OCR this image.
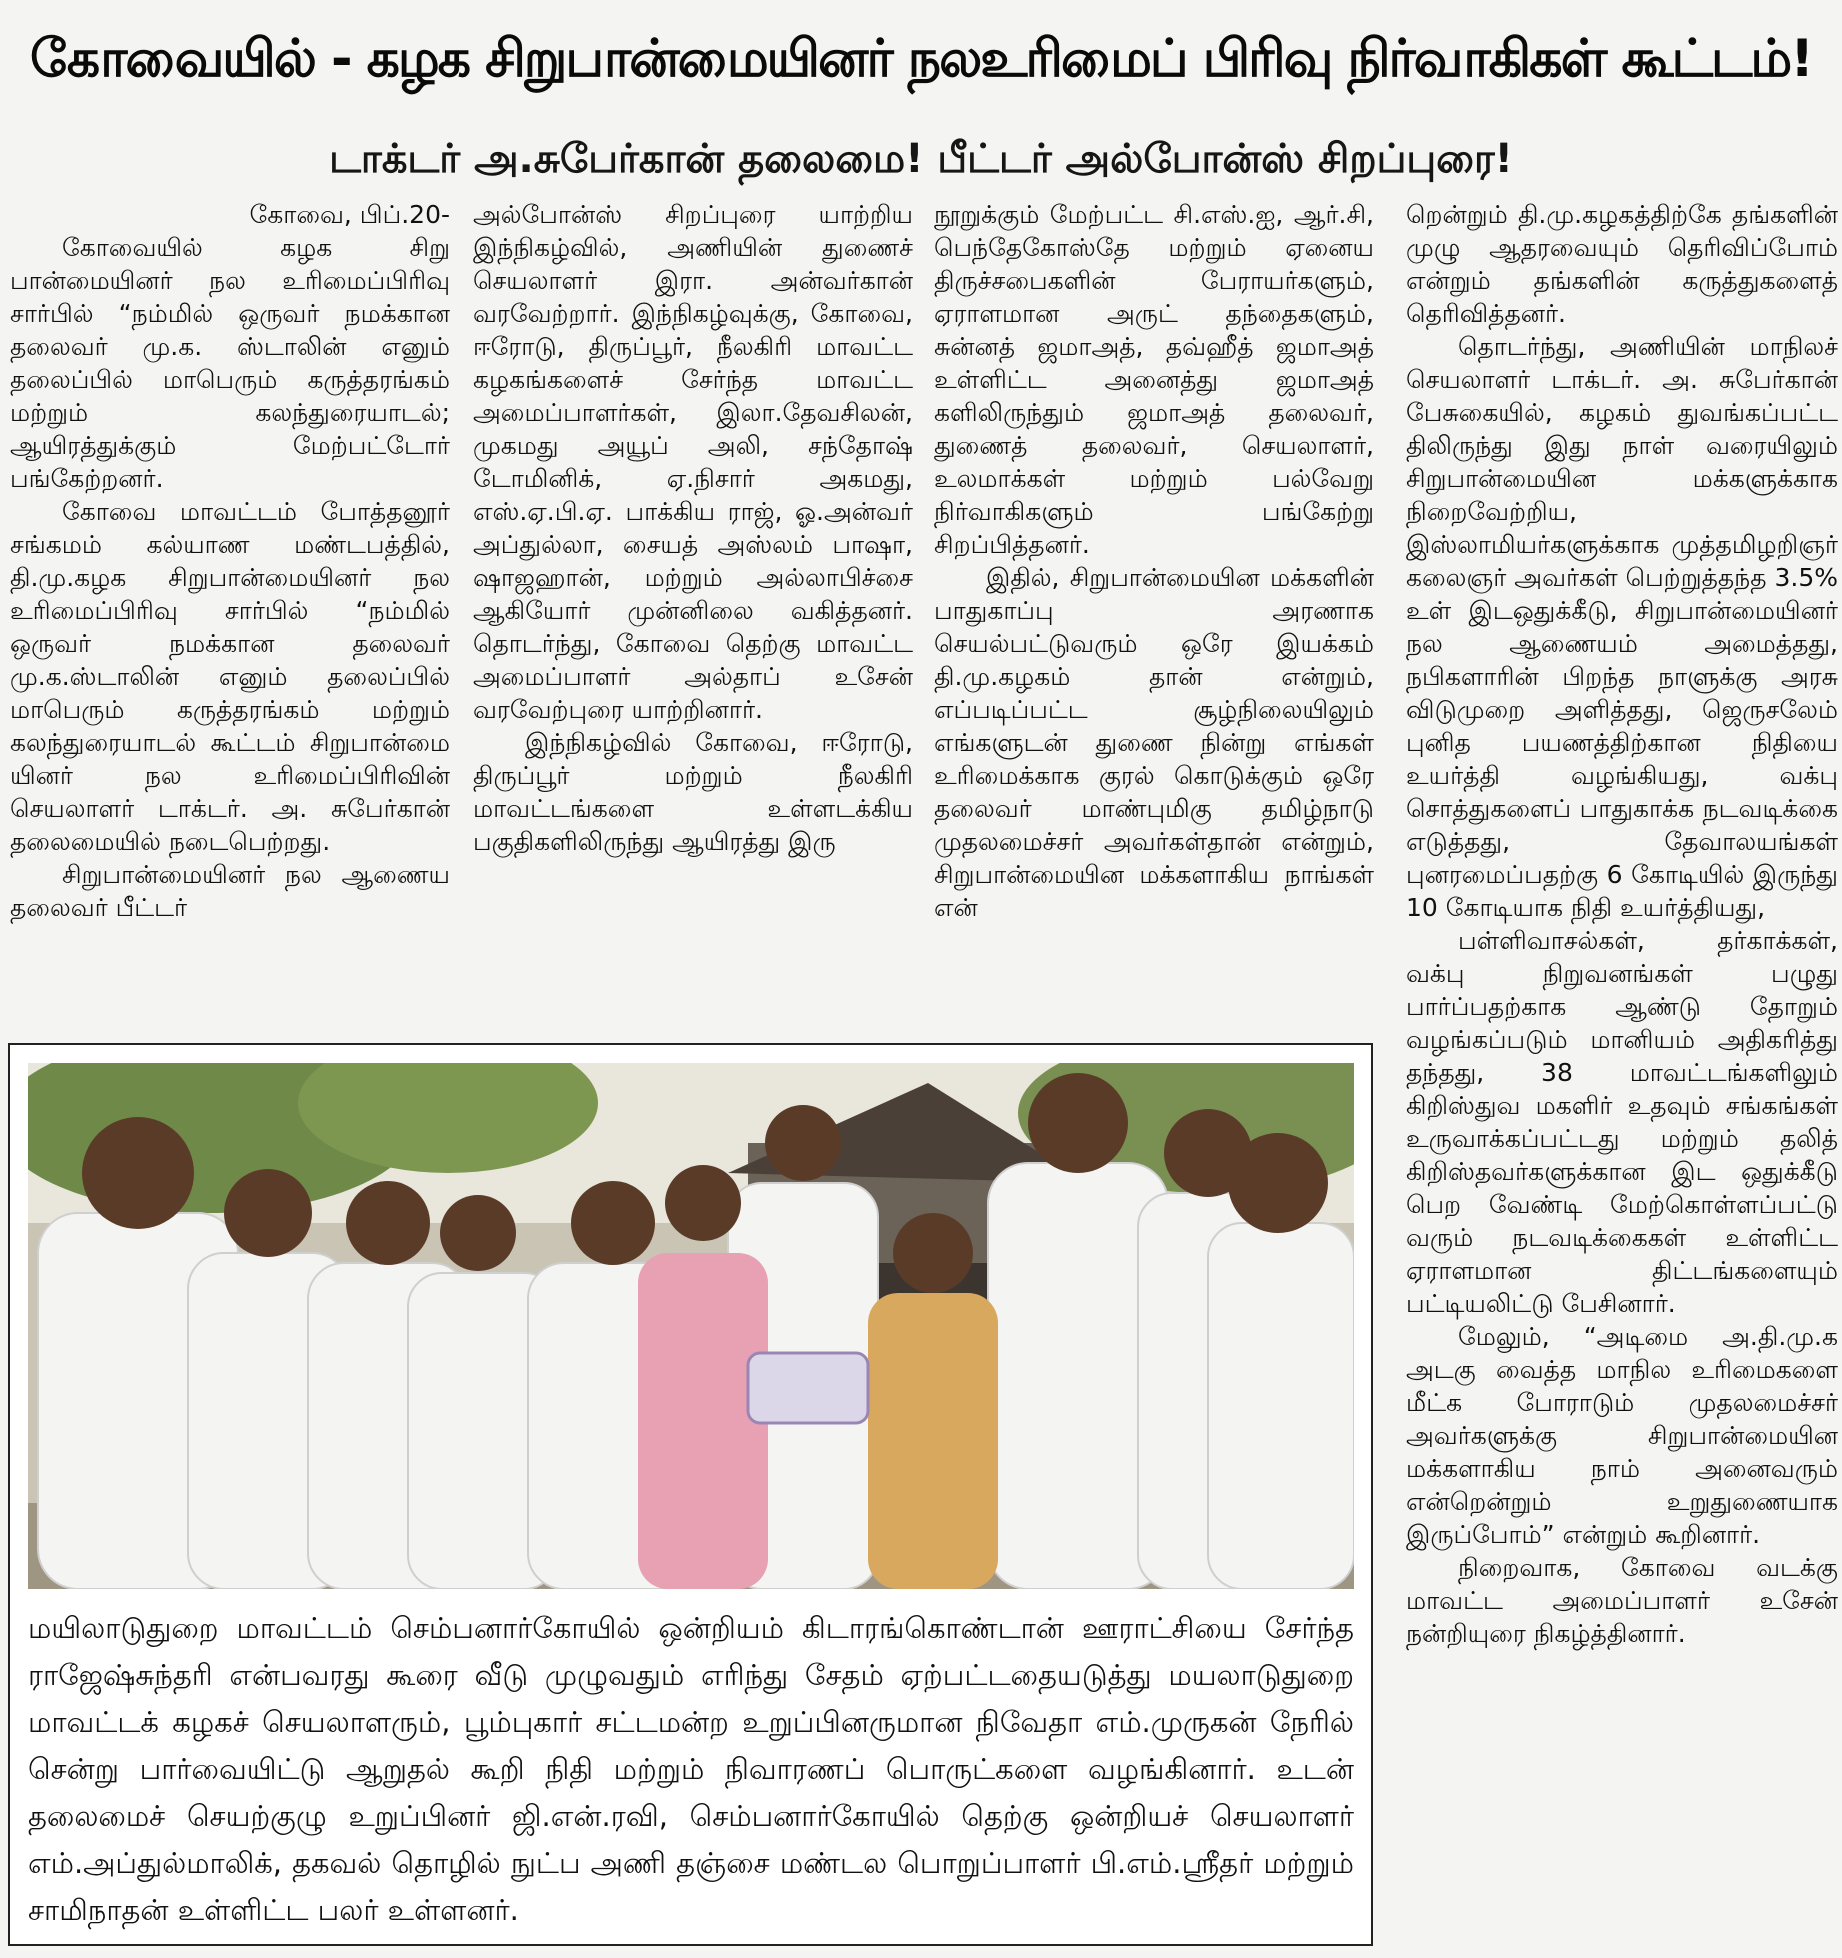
கோவையில் - கழக சிறுபான்மையினர் நலஉரிமைப் பிரிவு நிர்வாகிகள் கூட்டம்!
டாக்டர் அ.சுபேர்கான் தலைமை! பீட்டர் அல்போன்ஸ் சிறப்புரை!

கோவை, பிப்.20-

கோவையில் கழக சிறு பான்மையினர் நல உரிமைப்பிரிவு சார்பில் “நம்மில் ஒருவர் நமக்கான தலைவர் மு.க. ஸ்டாலின் எனும் தலைப்பில் மாபெரும் கருத்தரங்கம் மற்றும் கலந்துரையாடல்; ஆயிரத்துக்கும் மேற்பட்டோர் பங்கேற்றனர்.

கோவை மாவட்டம் போத்தனூர் சங்கமம் கல்யாண மண்டபத்தில், தி.மு.கழக சிறுபான்மையினர் நல உரிமைப்பிரிவு சார்பில் “நம்மில் ஒருவர் நமக்கான தலைவர் மு.க.ஸ்டாலின் எனும் தலைப்பில் மாபெரும் கருத்தரங்கம் மற்றும் கலந்துரையாடல் கூட்டம் சிறுபான்மை யினர் நல உரிமைப்பிரிவின் செயலாளர் டாக்டர். அ. சுபேர்கான் தலைமையில் நடைபெற்றது.

சிறுபான்மையினர் நல ஆணைய தலைவர் பீட்டர்

அல்போன்ஸ் சிறப்புரை யாற்றிய இந்நிகழ்வில், அணியின் துணைச் செயலாளர் இரா. அன்வர்கான் வரவேற்றார். இந்நிகழ்வுக்கு, கோவை, ஈரோடு, திருப்பூர், நீலகிரி மாவட்ட கழகங்களைச் சேர்ந்த மாவட்ட அமைப்பாளர்கள், இலா.தேவசிலன், முகமது அயூப் அலி, சந்தோஷ் டோமினிக், ஏ.நிசார் அகமது, எஸ்.ஏ.பி.ஏ. பாக்கிய ராஜ், ஓ.அன்வர் அப்துல்லா, சையத் அஸ்லம் பாஷா, ஷாஜஹான், மற்றும் அல்லாபிச்சை ஆகியோர் முன்னிலை வகித்தனர். தொடர்ந்து, கோவை தெற்கு மாவட்ட அமைப்பாளர் அல்தாப் உசேன் வரவேற்புரை யாற்றினார்.

இந்நிகழ்வில் கோவை, ஈரோடு, திருப்பூர் மற்றும் நீலகிரி மாவட்டங்களை உள்ளடக்கிய பகுதிகளிலிருந்து ஆயிரத்து இரு

நூறுக்கும் மேற்பட்ட சி.எஸ்.ஐ, ஆர்.சி, பெந்தேகோஸ்தே மற்றும் ஏனைய திருச்சபைகளின் பேராயர்களும், ஏராளமான அருட் தந்தைகளும், சுன்னத் ஜமாஅத், தவ்ஹீத் ஜமாஅத் உள்ளிட்ட அனைத்து ஜமாஅத் களிலிருந்தும் ஜமாஅத் தலைவர், துணைத் தலைவர், செயலாளர், உலமாக்கள் மற்றும் பல்வேறு நிர்வாகிகளும் பங்கேற்று சிறப்பித்தனர்.

இதில், சிறுபான்மையின மக்களின் பாதுகாப்பு அரணாக செயல்பட்டுவரும் ஒரே இயக்கம் தி.மு.கழகம் தான் என்றும், எப்படிப்பட்ட சூழ்நிலையிலும் எங்களுடன் துணை நின்று எங்கள் உரிமைக்காக குரல் கொடுக்கும் ஒரே தலைவர் மாண்புமிகு தமிழ்நாடு முதலமைச்சர் அவர்கள்தான் என்றும், சிறுபான்மையின மக்களாகிய நாங்கள் என்

றென்றும் தி.மு.கழகத்திற்கே தங்களின் முழு ஆதரவையும் தெரிவிப்போம் என்றும் தங்களின் கருத்துகளைத் தெரிவித்தனர்.

தொடர்ந்து, அணியின் மாநிலச் செயலாளர் டாக்டர். அ. சுபேர்கான் பேசுகையில், கழகம் துவங்கப்பட்ட திலிருந்து இது நாள் வரையிலும் சிறுபான்மையின மக்களுக்காக நிறைவேற்றிய, இஸ்லாமியர்களுக்காக முத்தமிழறிஞர் கலைஞர் அவர்கள் பெற்றுத்தந்த 3.5% உள் இடஒதுக்கீடு, சிறுபான்மையினர் நல ஆணையம் அமைத்தது, நபிகளாரின் பிறந்த நாளுக்கு அரசு விடுமுறை அளித்தது, ஜெருசலேம் புனித பயணத்திற்கான நிதியை உயர்த்தி வழங்கியது, வக்பு சொத்துகளைப் பாதுகாக்க நடவடிக்கை எடுத்தது, தேவாலயங்கள் புனரமைப்பதற்கு 6 கோடியில் இருந்து 10 கோடியாக நிதி உயர்த்தியது,

பள்ளிவாசல்கள், தர்காக்கள், வக்பு நிறுவனங்கள் பழுது பார்ப்பதற்காக ஆண்டு தோறும் வழங்கப்படும் மானியம் அதிகரித்து தந்தது, 38 மாவட்டங்களிலும் கிறிஸ்துவ மகளிர் உதவும் சங்கங்கள் உருவாக்கப்பட்டது மற்றும் தலித் கிறிஸ்தவர்களுக்கான இட ஒதுக்கீடு பெற வேண்டி மேற்கொள்ளப்பட்டு வரும் நடவடிக்கைகள் உள்ளிட்ட ஏராளமான திட்டங்களையும் பட்டியலிட்டு பேசினார்.

மேலும், “அடிமை அ.தி.மு.க அடகு வைத்த மாநில உரிமைகளை மீட்க போராடும் முதலமைச்சர் அவர்களுக்கு சிறுபான்மையின மக்களாகிய நாம் அனைவரும் என்றென்றும் உறுதுணையாக இருப்போம்” என்றும் கூறினார்.

நிறைவாக, கோவை வடக்கு மாவட்ட அமைப்பாளர் உசேன் நன்றியுரை நிகழ்த்தினார்.

மயிலாடுதுறை மாவட்டம் செம்பனார்கோயில் ஒன்றியம் கிடாரங்கொண்டான் ஊராட்சியை சேர்ந்த ராஜேஷ்சுந்தரி என்பவரது கூரை வீடு முழுவதும் எரிந்து சேதம் ஏற்பட்டதையடுத்து மயலாடுதுறை மாவட்டக் கழகச் செயலாளரும், பூம்புகார் சட்டமன்ற உறுப்பினருமான நிவேதா எம்.முருகன் நேரில் சென்று பார்வையிட்டு ஆறுதல் கூறி நிதி மற்றும் நிவாரணப் பொருட்களை வழங்கினார். உடன் தலைமைச் செயற்குழு உறுப்பினர் ஜி.என்.ரவி, செம்பனார்கோயில் தெற்கு ஒன்றியச் செயலாளர் எம்.அப்துல்மாலிக், தகவல் தொழில் நுட்ப அணி தஞ்சை மண்டல பொறுப்பாளர் பி.எம்.ஸ்ரீதர் மற்றும் சாமிநாதன் உள்ளிட்ட பலர் உள்ளனர்.
